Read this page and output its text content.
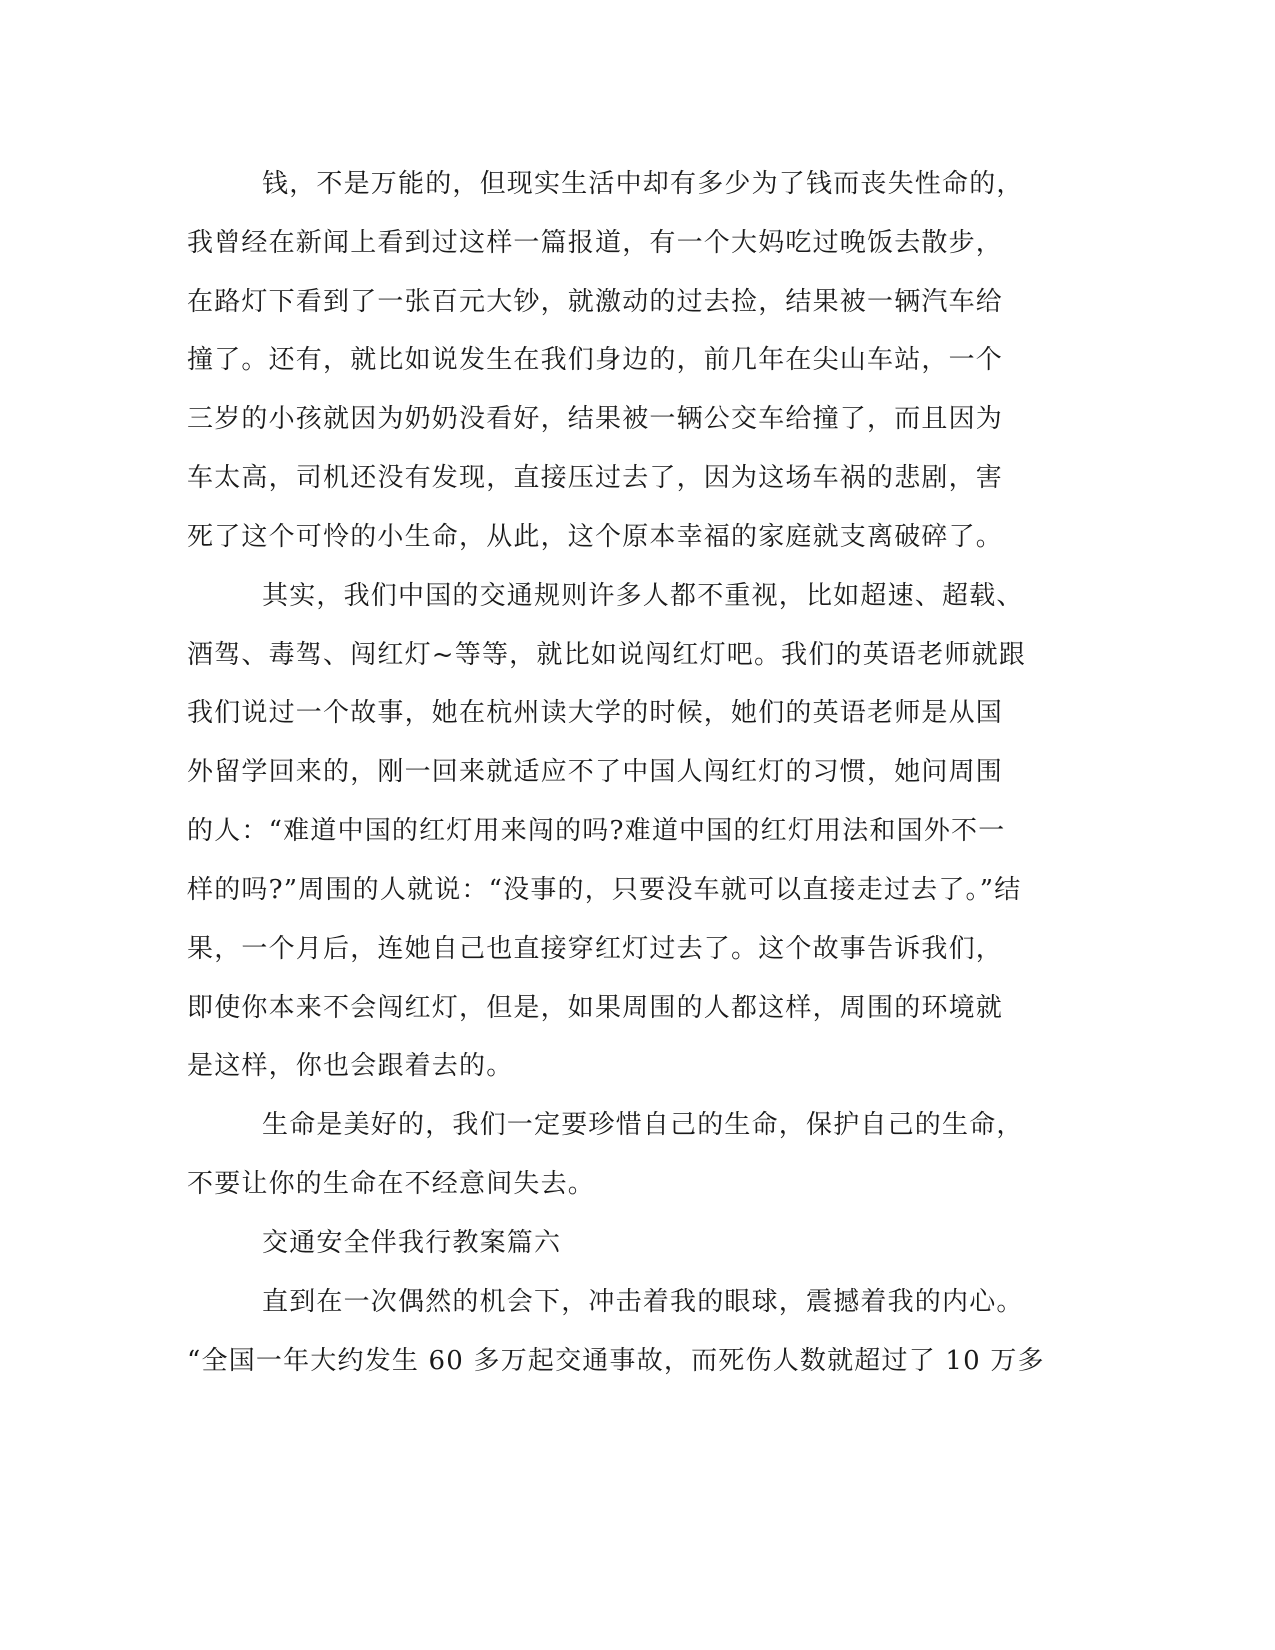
钱，不是万能的，但现实生活中却有多少为了钱而丧失性命的，

我曾经在新闻上看到过这样一篇报道，有一个大妈吃过晚饭去散步，

在路灯下看到了一张百元大钞，就激动的过去捡，结果被一辆汽车给

撞了。还有，就比如说发生在我们身边的，前几年在尖山车站，一个

三岁的小孩就因为奶奶没看好，结果被一辆公交车给撞了，而且因为

车太高，司机还没有发现，直接压过去了，因为这场车祸的悲剧，害

死了这个可怜的小生命，从此，这个原本幸福的家庭就支离破碎了。

其实，我们中国的交通规则许多人都不重视，比如超速、超载、

酒驾、毒驾、闯红灯~等等，就比如说闯红灯吧。我们的英语老师就跟

我们说过一个故事，她在杭州读大学的时候，她们的英语老师是从国

外留学回来的，刚一回来就适应不了中国人闯红灯的习惯，她问周围

的人：“难道中国的红灯用来闯的吗?难道中国的红灯用法和国外不一

样的吗?”周围的人就说：“没事的，只要没车就可以直接走过去了。”结

果，一个月后，连她自己也直接穿红灯过去了。这个故事告诉我们，

即使你本来不会闯红灯，但是，如果周围的人都这样，周围的环境就

是这样，你也会跟着去的。

生命是美好的，我们一定要珍惜自己的生命，保护自己的生命，

不要让你的生命在不经意间失去。

交通安全伴我行教案篇六

直到在一次偶然的机会下，冲击着我的眼球，震撼着我的内心。

“全国一年大约发生 60 多万起交通事故，而死伤人数就超过了 10 万多
